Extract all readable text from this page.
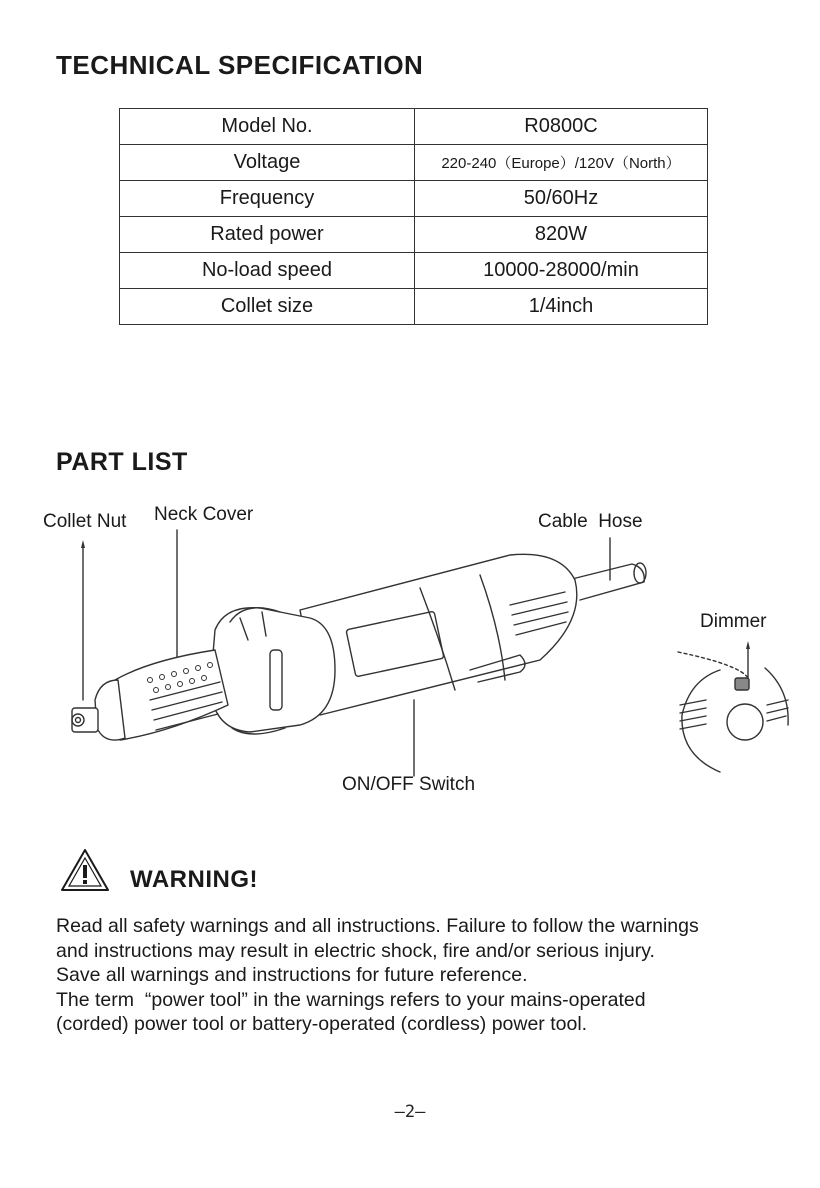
TECHNICAL SPECIFICATION
Model No.	R0800C
Voltage	220-240（Europe）/120V（North）
Frequency	50/60Hz
Rated power	820W
No-load speed	10000-28000/min
Collet size	1/4inch
PART LIST

Collet Nut Neck Cover	Cable  Hose

Dimmer

ON/OFF Switch

WARNING!

Read all safety warnings and all instructions. Failure to follow the warnings

and instructions may result in electric shock, fire and/or serious injury.

Save all warnings and instructions for future reference.

The term  “power tool” in the warnings refers to your mains-operated

(corded) power tool or battery-operated (cordless) power tool.

—2—
